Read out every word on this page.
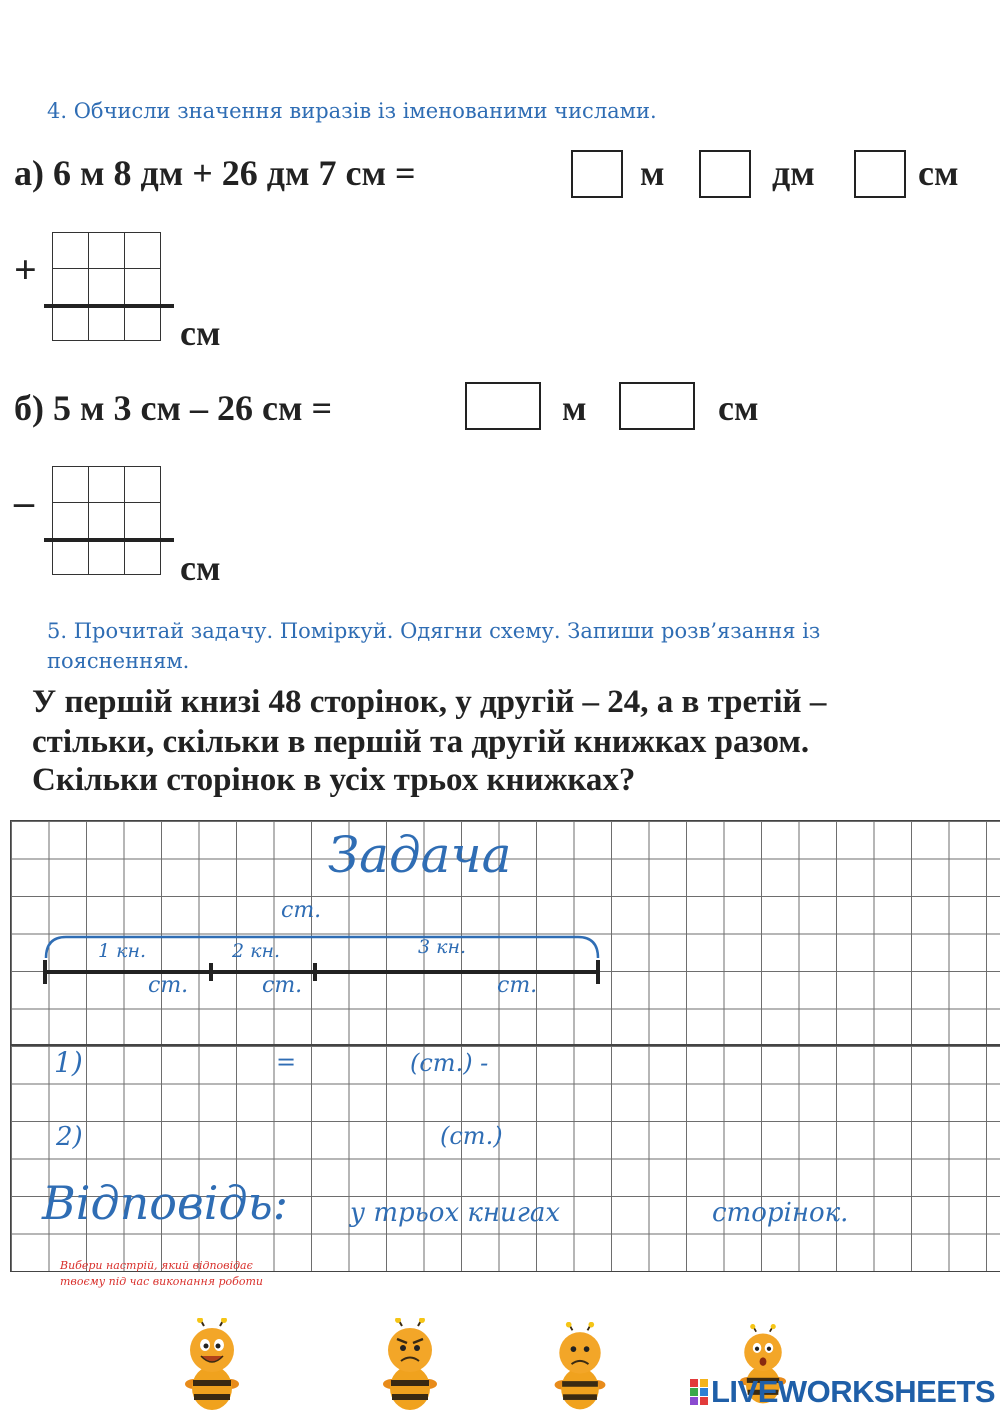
4. Обчисли значення виразів із іменованими числами.
а) 6 м 8 дм + 26 дм 7 см =	м	дм	см
+
см
б) 5 м 3 см – 26 см =	м	см
–
см
5. Прочитай задачу. Поміркуй. Одягни схему. Запиши розв’язання із
поясненням.
У першій книзі 48 сторінок, у другій – 24, а в третій –
стільки, скільки в першій та другій книжках разом.
Скільки сторінок в усіх трьох книжках?
Задача
ст.
1 кн.	2 кн.	3 кн.
ст.	ст.	ст.
1)	=	(ст.) -
2)	(ст.)
Відповідь: у трьох книгах	сторінок.
Вибери настрій, який відповідає
твоєму під час виконання роботи
LIVEWORKSHEETS
